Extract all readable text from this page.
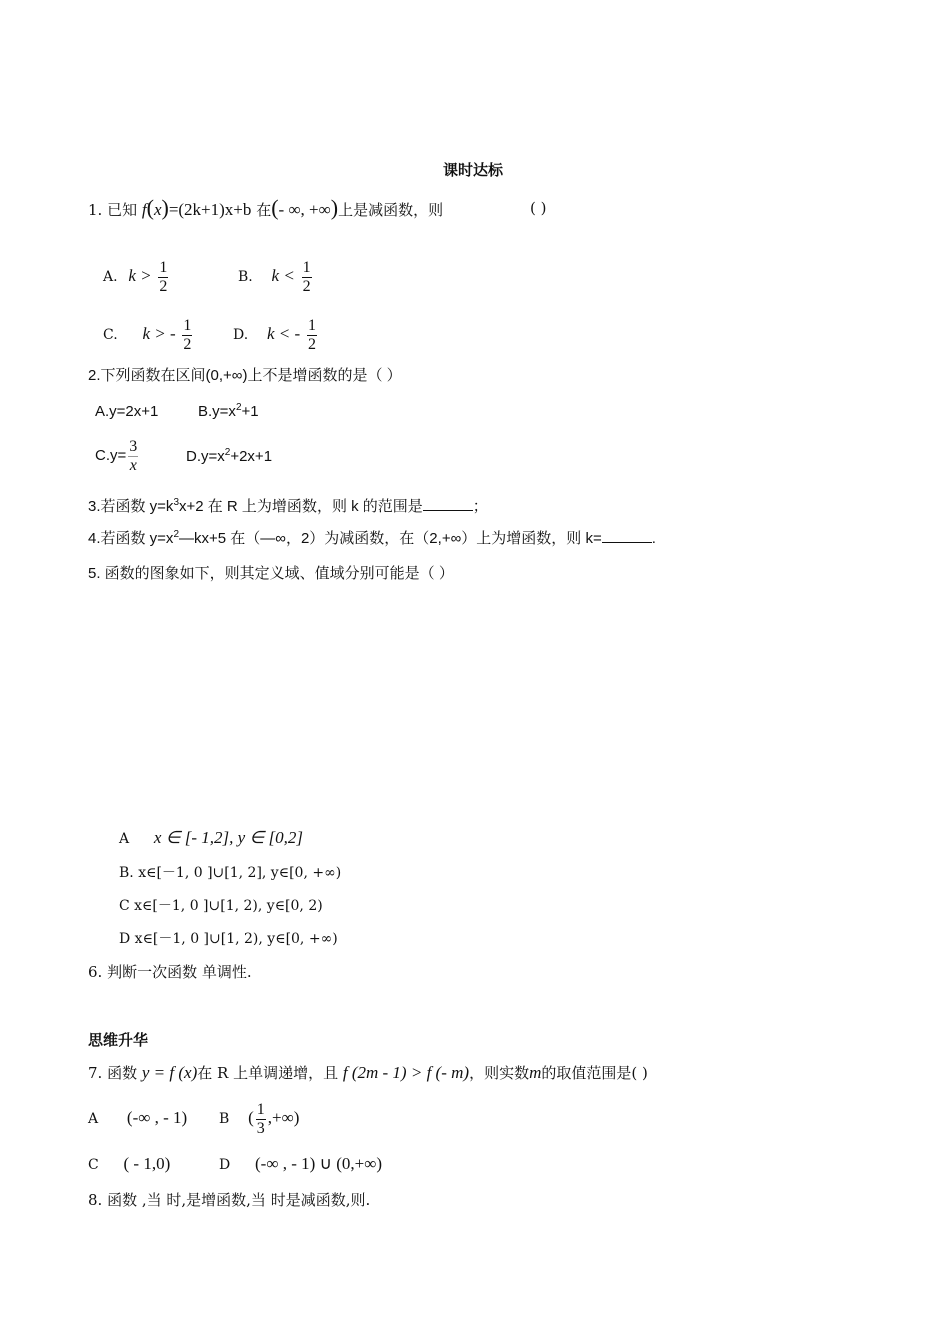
课时达标
1. 已知 f(x)=(2k+1)x+b 在(- ∞, +∞)上是减函数，则	( )
A. $k > \frac{1}{2}$	B. $k < \frac{1}{2}$
C. k > - $\frac{1}{2}$	D. k < - $\frac{1}{2}$
2.下列函数在区间(0,+∞)上不是增函数的是（ ）
A.y=2x+1	$B.y=x^2+1$
$C.y= \frac{3}{x}$	$D.y=x^2+2x+1$
3.若函数 $y=k^3x+2$ 在 R 上为增函数，则 k 的范围是	；
4.若函数 $y=x^2—kx+5$ 在（—∞，2）为减函数，在（2,+∞）上为增函数，则 k=	.
5. 函数的图象如下，则其定义域、值域分别可能是（ ）
A x ∈ [- 1,2], y ∈ [0,2]
B. x∈[－1, 0 ]∪[1, 2], y∈[0, +∞)
C x∈[－1, 0 ]∪[1, 2), y∈[0, 2)
D x∈[－1, 0 ]∪[1, 2), y∈[0, +∞)
6. 判断一次函数 单调性.
思维升华
7. 函数 y = f (x)在 R 上单调递增，且 f (2m - 1) > f (- m)，则实数m的取值范围是( )
A (-∞ , - 1) B ( $\frac{1}{3}$ ,+∞)
C ( - 1,0)	D (-∞ , - 1) ∪ (0,+∞)
8. 函数 ,当 时,是增函数,当 时是减函数,则.
